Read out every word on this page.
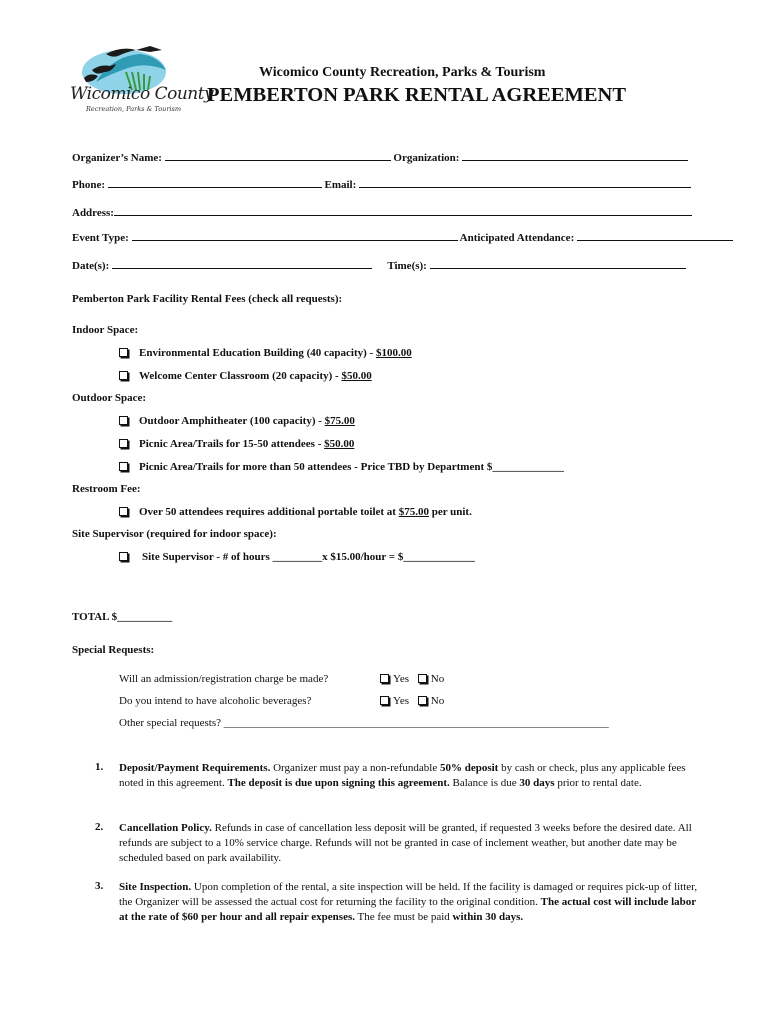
Wicomico County
Recreation, Parks & Tourism
Wicomico County Recreation, Parks & Tourism
PEMBERTON PARK RENTAL AGREEMENT
Organizer’s Name:	Organization:
Phone:	Email:
Address:
Event Type:	Anticipated Attendance:
Date(s):	Time(s):
Pemberton Park Facility Rental Fees (check all requests):
Indoor Space:
Environmental Education Building (40 capacity) - $100.00
Welcome Center Classroom (20 capacity) - $50.00
Outdoor Space:
Outdoor Amphitheater (100 capacity) - $75.00
Picnic Area/Trails for 15-50 attendees - $50.00
Picnic Area/Trails for more than 50 attendees - Price TBD by Department $_____________
Restroom Fee:
Over 50 attendees requires additional portable toilet at $75.00 per unit.
Site Supervisor (required for indoor space):
Site Supervisor - # of hours _________x $15.00/hour = $_____________
TOTAL $__________
Special Requests:
Will an admission/registration charge be made?	Yes No
Do you intend to have alcoholic beverages?	Yes No
Other special requests? ______________________________________________________________________
1. Deposit/Payment Requirements. Organizer must pay a non-refundable 50% deposit by cash or check, plus any applicable fees noted in this agreement. The deposit is due upon signing this agreement. Balance is due 30 days prior to rental date.
2. Cancellation Policy. Refunds in case of cancellation less deposit will be granted, if requested 3 weeks before the desired date. All refunds are subject to a 10% service charge. Refunds will not be granted in case of inclement weather, but another date may be scheduled based on park availability.
3. Site Inspection. Upon completion of the rental, a site inspection will be held. If the facility is damaged or requires pick-up of litter, the Organizer will be assessed the actual cost for returning the facility to the original condition. The actual cost will include labor at the rate of $60 per hour and all repair expenses. The fee must be paid within 30 days.
